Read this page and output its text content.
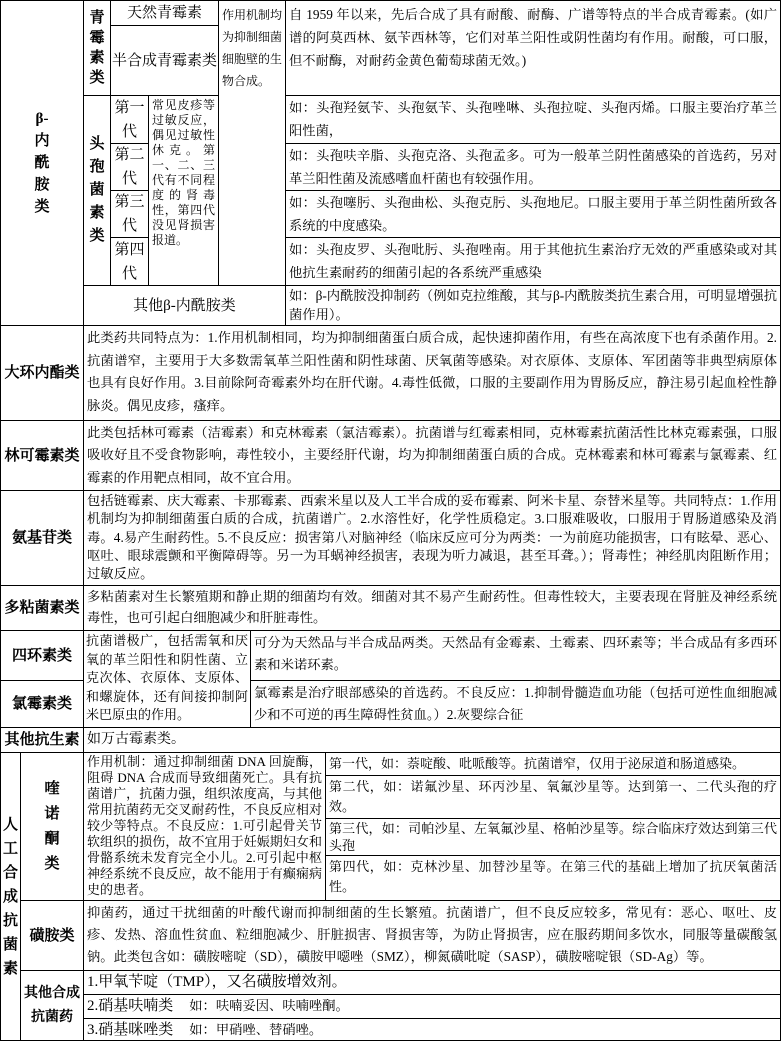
β-内酰胺类
青霉素类
天然青霉素
半合成青霉素类
作用机制均为抑制细菌细胞壁的生物合成。
自 1959 年以来，先后合成了具有耐酸、耐酶、广谱等特点的半合成青霉素。(如广谱的阿莫西林、氨苄西林等，它们对革兰阳性或阴性菌均有作用。耐酸，可口服，但不耐酶，对耐药金黄色葡萄球菌无效。)
头孢菌素类
第一代
第二代
第三代
第四代
常见皮疹等过敏反应，偶见过敏性休克。第一、二、三代有不同程度的肾毒性，第四代没见肾损害报道。
如：头孢羟氨苄、头孢氨苄、头孢唑啉、头孢拉啶、头孢丙烯。口服主要治疗革兰阳性菌，
如：头孢呋辛脂、头孢克洛、头孢孟多。可为一般革兰阴性菌感染的首选药，另对革兰阳性菌及流感嗜血杆菌也有较强作用。
如：头孢噻肟、头孢曲松、头孢克肟、头孢地尼。口服主要用于革兰阴性菌所致各系统的中度感染。
如：头孢皮罗、头孢吡肟、头孢唑南。用于其他抗生素治疗无效的严重感染或对其他抗生素耐药的细菌引起的各系统严重感染
其他β-内酰胺类
如：β-内酰胺没抑制药（例如克拉维酸，其与β-内酰胺类抗生素合用，可明显增强抗菌作用）。
大环内酯类
此类药共同特点为：1.作用机制相同，均为抑制细菌蛋白质合成，起快速抑菌作用，有些在高浓度下也有杀菌作用。2.抗菌谱窄，主要用于大多数需氧革兰阳性菌和阴性球菌、厌氧菌等感染。对衣原体、支原体、军团菌等非典型病原体也具有良好作用。3.目前除阿奇霉素外均在肝代谢。4.毒性低微，口服的主要副作用为胃肠反应，静注易引起血栓性静脉炎。偶见皮疹，瘙痒。
林可霉素类
此类包括林可霉素（洁霉素）和克林霉素（氯洁霉素）。抗菌谱与红霉素相同，克林霉素抗菌活性比林克霉素强，口服吸收好且不受食物影响，毒性较小，主要经肝代谢，均为抑制细菌蛋白质的合成。克林霉素和林可霉素与氯霉素、红霉素的作用靶点相同，故不宜合用。
氨基苷类
包括链霉素、庆大霉素、卡那霉素、西索米星以及人工半合成的妥布霉素、阿米卡星、奈替米星等。共同特点：1.作用机制均为抑制细菌蛋白质的合成，抗菌谱广。2.水溶性好，化学性质稳定。3.口服难吸收，口服用于胃肠道感染及消毒。4.易产生耐药性。5.不良反应：损害第八对脑神经（临床反应可分为两类：一为前庭功能损害，口有眩晕、恶心、呕吐、眼球震颤和平衡障碍等。另一为耳蜗神经损害，表现为听力减退，甚至耳聋。）；肾毒性；神经肌肉阻断作用；过敏反应。
多粘菌素类
多粘菌素对生长繁殖期和静止期的细菌均有效。细菌对其不易产生耐药性。但毒性较大，主要表现在肾脏及神经系统毒性，也可引起白细胞减少和肝脏毒性。
四环素类
氯霉素类
抗菌谱极广，包括需氧和厌氧的革兰阳性和阴性菌、立克次体、衣原体、支原体、和螺旋体，还有间接抑制阿米巴原虫的作用。
可分为天然品与半合成品两类。天然品有金霉素、土霉素、四环素等；半合成品有多西环素和米诺环素。
氯霉素是治疗眼部感染的首选药。不良反应：1.抑制骨髓造血功能（包括可逆性血细胞减少和不可逆的再生障碍性贫血。）2.灰婴综合征
其他抗生素 如万古霉素类。
人工合成抗菌素
喹诺酮类
作用机制：通过抑制细菌 DNA 回旋酶，阻碍 DNA 合成而导致细菌死亡。具有抗菌谱广，抗菌力强，组织浓度高，与其他常用抗菌药无交叉耐药性，不良反应相对较少等特点。不良反应：1.可引起骨关节软组织的损伤，故不宜用于妊娠期妇女和骨骼系统未发育完全小儿。2.可引起中枢神经系统不良反应，故不能用于有癫痫病史的患者。
第一代，如：萘啶酸、吡哌酸等。抗菌谱窄，仅用于泌尿道和肠道感染。
第二代，如：诺氟沙星、环丙沙星、氧氟沙星等。达到第一、二代头孢的疗效。
第三代，如：司帕沙星、左氧氟沙星、格帕沙星等。综合临床疗效达到第三代头孢
第四代，如：克林沙星、加替沙星等。在第三代的基础上增加了抗厌氧菌活性。
磺胺类
抑菌药，通过干扰细菌的叶酸代谢而抑制细菌的生长繁殖。抗菌谱广，但不良反应较多，常见有：恶心、呕吐、皮疹、发热、溶血性贫血、粒细胞减少、肝脏损害、肾损害等，为防止肾损害，应在服药期间多饮水，同服等量碳酸氢钠。此类包含如：磺胺嘧啶（SD），磺胺甲噁唑（SMZ），柳氮磺吡啶（SASP），磺胺嘧啶银（SD-Ag）等。
其他合成抗菌药
1.甲氧苄啶（TMP），又名磺胺增效剂。
2.硝基呋喃类 如：呋喃妥因、呋喃唑酮。
3.硝基咪唑类 如：甲硝唑、替硝唑。
